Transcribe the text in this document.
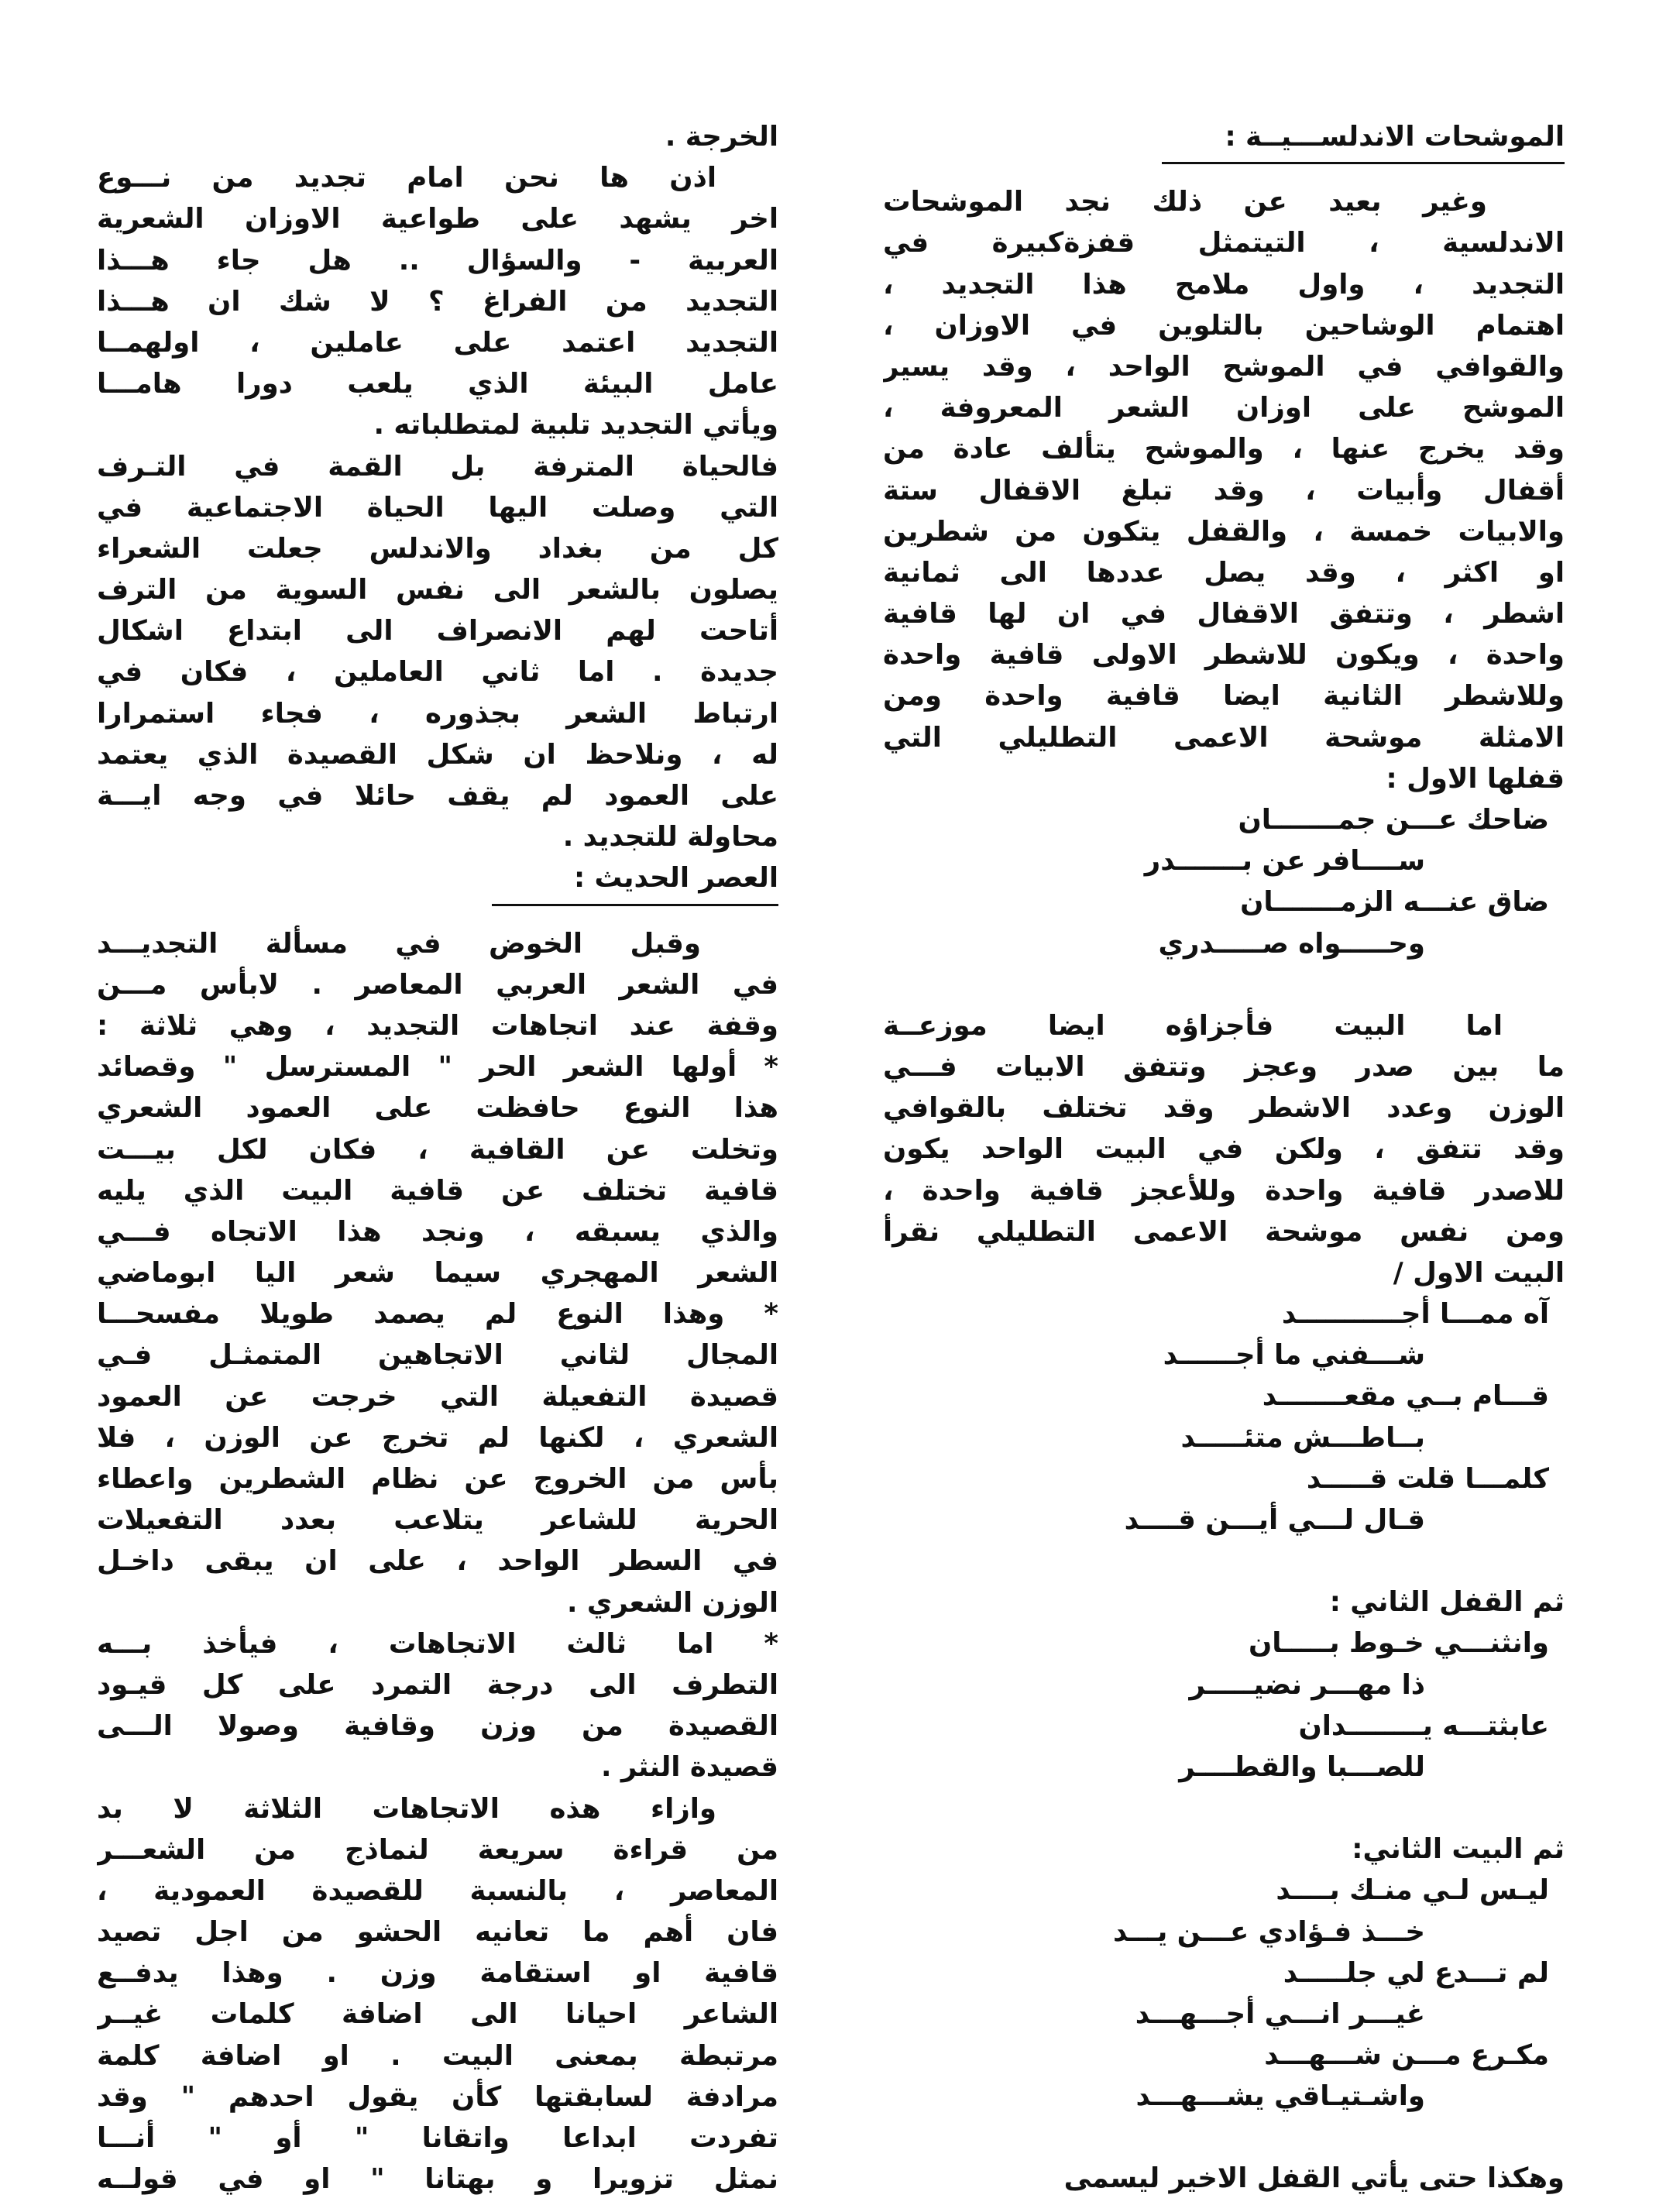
الموشحات الاندلســـيــة :
وغير بعيد عن ذلك نجد الموشحات
الاندلسية ، التيتمثل قفزةكبيرة في
التجديد ، واول ملامح هذا التجديد ،
اهتمام الوشاحين بالتلوين في الاوزان ،
والقوافي في الموشح الواحد ، وقد يسير
الموشح على اوزان الشعر المعروفة ،
وقد يخرج عنها ، والموشح يتألف عادة من
أقفال وأبيات ، وقد تبلغ الاقفال ستة
والابيات خمسة ، والقفل يتكون من شطرين
او اكثر ، وقد يصل عددها الى ثمانية
اشطر ، وتتفق الاقفال في ان لها قافية
واحدة ، ويكون للاشطر الاولى قافية واحدة
وللاشطر الثانية ايضا قافية واحدة ومن
الامثلة موشحة الاعمى التطليلي التي
قفلها الاول :
ضاحك عـــن جمـــــــان
ســــافر عن بـــــــدر
ضاق عنـــه الزمـــــــان
وحـــــواه صـــــدري
اما البيت فأجزاؤه ايضا موزعــة
ما بين صدر وعجز وتتفق الابيات فـــي
الوزن وعدد الاشطر وقد تختلف بالقوافي
وقد تتفق ، ولكن في البيت الواحد يكون
للاصدر قافية واحدة وللأعجز قافية واحدة ،
ومن نفس موشحة الاعمى التطليلي نقرأ
البيت الاول /
آه ممـــا أجـــــــــــد
شـــفني ما أجــــــد
قـــام بــي مقعـــــــد
بــاطـــش متئـــــد
كلمـــا قلت قـــــد
قـال لـــي أيـــن قــــد
ثم القفل الثاني :
وانثنـــي خـوط بـــــان
ذا مهـــر نضيـــــر
عابثتـــه يــــــــدان
للصـــبا والقطــــر
ثم البيت الثاني:
ليـس لـي منـك بــــد
خـــذ فـؤادي عـــن يـــد
لم تـــدع لي جلـــــد
غيـــر انـــي أجـــهـــد
مكـرع مـــن شـــهـــد
واشـتيـاقي يشـــهـــد
وهكذا حتى يأتي القفل الاخير ليسمى
الخرجة .
اذن ها نحن امام تجديد من نـــوع
اخر يشهد على طواعية الاوزان الشعرية
العربية - والسؤال .. هل جاء هـــذا
التجديد من الفراغ ؟ لا شك ان هـــذا
التجديد اعتمد على عاملين ، اولهمــا
عامل البيئة الذي يلعب دورا هامـــا
ويأتي التجديد تلبية لمتطلباته .
فالحياة المترفة بل القمة في التـرف
التي وصلت اليها الحياة الاجتماعية في
كل من بغداد والاندلس جعلت الشعراء
يصلون بالشعر الى نفس السوية من الترف
أتاحت لهم الانصراف الى ابتداع اشكال
جديدة . اما ثاني العاملين ، فكان في
ارتباط الشعر بجذوره ، فجاء استمرارا
له ، ونلاحظ ان شكل القصيدة الذي يعتمد
على العمود لم يقف حائلا في وجه ايـــة
محاولة للتجديد .
العصر الحديث :
وقبل الخوض في مسألة التجديـــد
في الشعر العربي المعاصر . لابأس مـــن
وقفة عند اتجاهات التجديد ، وهي ثلاثة :
* أولها الشعر الحر " المسترسل " وقصائد
هذا النوع حافظت على العمود الشعري
وتخلت عن القافية ، فكان لكل بيـــت
قافية تختلف عن قافية البيت الذي يليه
والذي يسبقه ، ونجد هذا الاتجاه فـــي
الشعر المهجري سيما شعر اليا ابوماضي
* وهذا النوع لم يصمد طويلا مفسحـــا
المجال لثاني الاتجاهين المتمثـل فـي
قصيدة التفعيلة التي خرجت عن العمود
الشعري ، لكنها لم تخرج عن الوزن ، فلا
بأس من الخروج عن نظام الشطرين واعطاء
الحرية للشاعر يتلاعب بعدد التفعيلات
في السطر الواحد ، على ان يبقى داخـل
الوزن الشعري .
* اما ثالث الاتجاهات ، فيأخذ بـــه
التطرف الى درجة التمرد على كل قيـود
القصيدة من وزن وقافية وصولا الـــى
قصيدة النثر .
وازاء هذه الاتجاهات الثلاثة لا بد
من قراءة سريعة لنماذج من الشعـــر
المعاصر ، بالنسبة للقصيدة العمودية ،
فان أهم ما تعانيه الحشو من اجل تصيد
قافية او استقامة وزن . وهذا يدفــع
الشاعر احيانا الى اضافة كلمات غيــر
مرتبطة بمعنى البيت . او اضافة كلمة
مرادفة لسابقتها كأن يقول احدهم " وقد
تفردت ابداعا واتقانا " أو " أنـــا
نمثل تزويرا و بهتانا " او في قولــه
